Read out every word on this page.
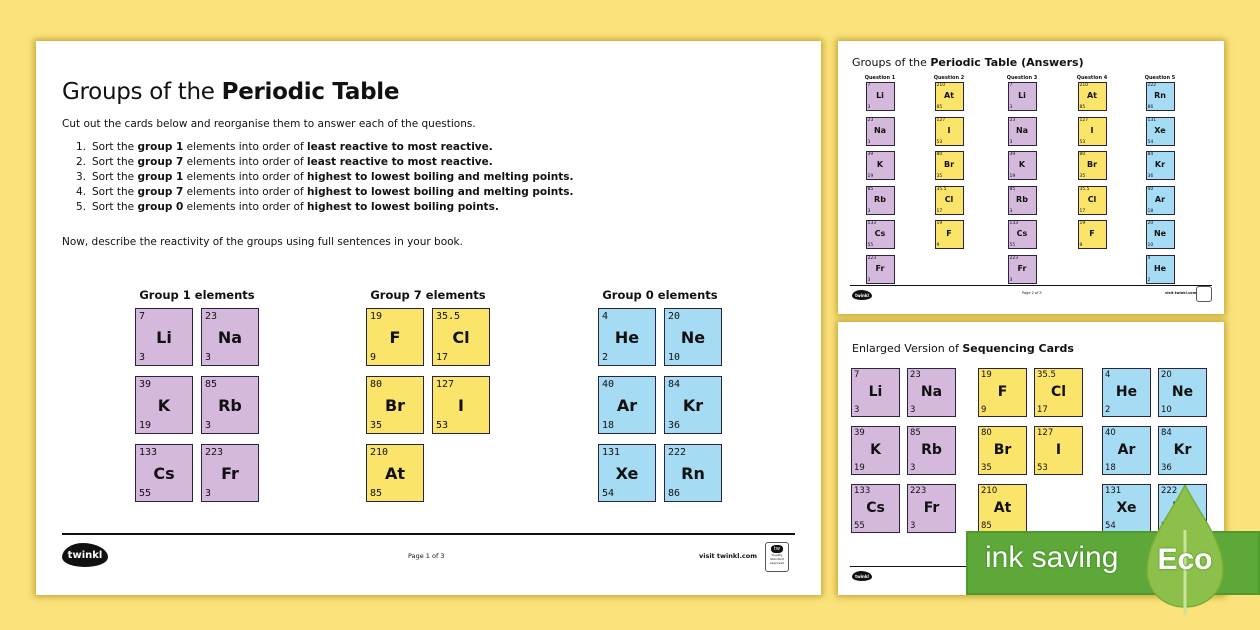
Groups of the Periodic Table
Cut out the cards below and reorganise them to answer each of the questions.
1. Sort the group 1 elements into order of least reactive to most reactive.
2. Sort the group 7 elements into order of least reactive to most reactive.
3. Sort the group 1 elements into order of highest to lowest boiling and melting points.
4. Sort the group 7 elements into order of highest to lowest boiling and melting points.
5. Sort the group 0 elements into order of highest to lowest boiling points.
Now, describe the reactivity of the groups using full sentences in your book.
Group 1 elements
7
Li
3
23
Na
3
39
K
19
85
Rb
3
133
Cs
55
223
Fr
3
Group 7 elements
19
F
9
35.5
Cl
17
80
Br
35
127
I
53
210
At
85
Group 0 elements
4
He
2
20
Ne
10
40
Ar
18
84
Kr
36
131
Xe
54
222
Rn
86
twinkl	Page 1 of 3	visit twinkl.com
tw
Quality Standard Approved
Groups of the Periodic Table (Answers)
Question 1
7
Li
3
23
Na
3
39
K
19
85
Rb
3
133
Cs
55
223
Fr
3
Question 2
210
At
85
127
I
53
80
Br
35
35.5
Cl
17
19
F
9
Question 3
7
Li
3
23
Na
3
39
K
19
85
Rb
3
133
Cs
55
223
Fr
3
Question 4
210
At
85
127
I
53
80
Br
35
35.5
Cl
17
19
F
9
Question 5
222
Rn
86
131
Xe
54
84
Kr
36
40
Ar
18
20
Ne
10
4
He
2
twinkl	Page 2 of 3	visit twinkl.com
Enlarged Version of Sequencing Cards
7
Li
3
23
Na
3
39
K
19
85
Rb
3
133
Cs
55
223
Fr
3
19
F
9
35.5
Cl
17
80
Br
35
127
I
53
210
At
85
4
He
2
20
Ne
10
40
Ar
18
84
Kr
36
131
Xe
54
222
twinkl
ink saving	Eco
